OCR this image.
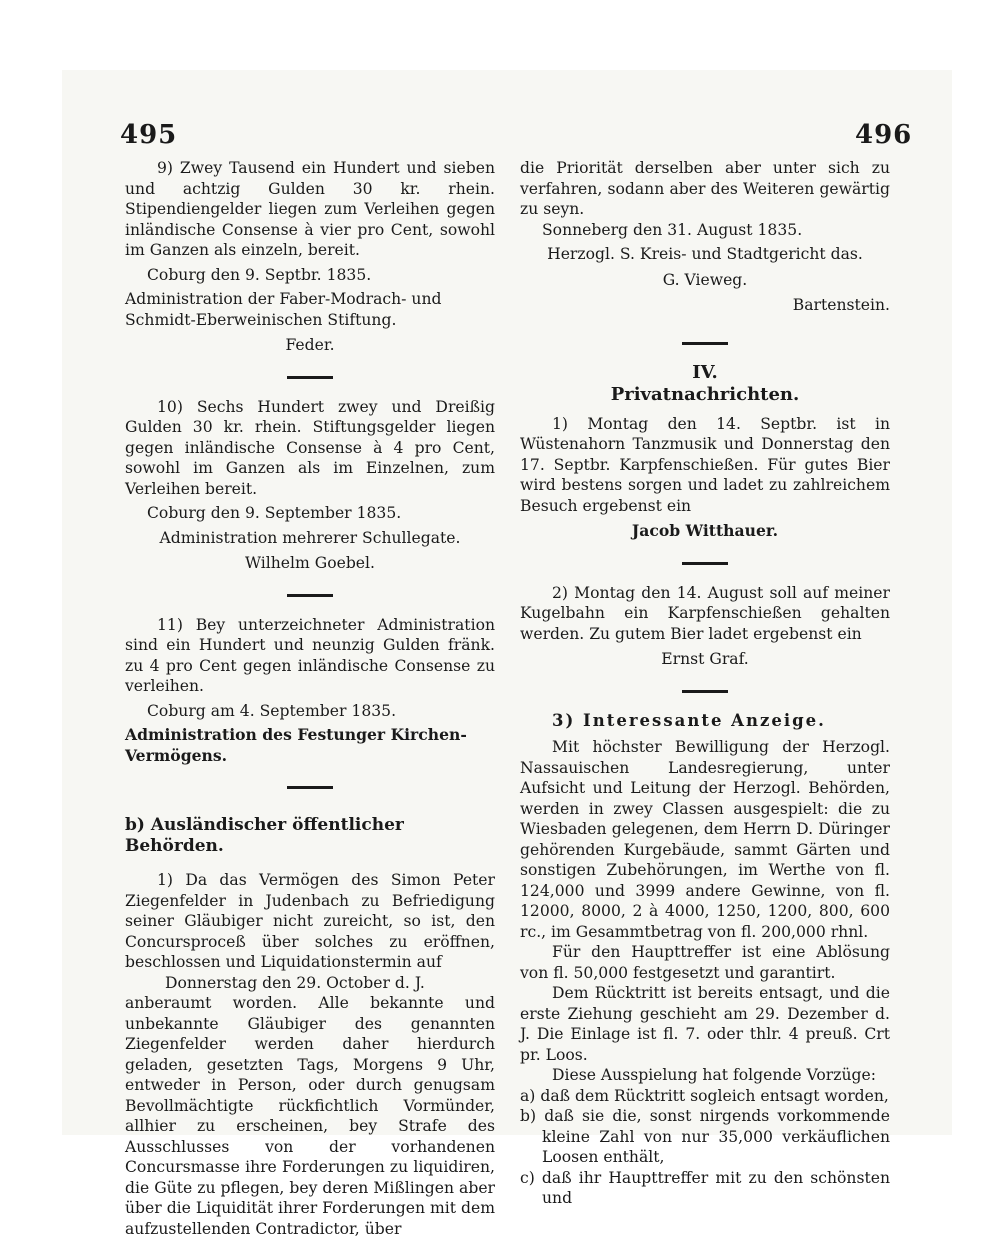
495	496

9) Zwey Tausend ein Hundert und sieben und achtzig Gulden 30 kr. rhein. Stipendiengelder liegen zum Verleihen gegen inländische Consense à vier pro Cent, sowohl im Ganzen als einzeln, bereit.

Coburg den 9. Septbr. 1835.

Administration der Faber-Modrach- und Schmidt-Eberweinischen Stiftung.

Feder.

10) Sechs Hundert zwey und Dreißig Gulden 30 kr. rhein. Stiftungsgelder liegen gegen inländische Consense à 4 pro Cent, sowohl im Ganzen als im Einzelnen, zum Verleihen bereit.

Coburg den 9. September 1835.

Administration mehrerer Schullegate.

Wilhelm Goebel.

11) Bey unterzeichneter Administration sind ein Hundert und neunzig Gulden fränk. zu 4 pro Cent gegen inländische Consense zu verleihen.

Coburg am 4. September 1835.

Administration des Festunger Kirchen-Vermögens.

b) Ausländischer öffentlicher Behörden.

1) Da das Vermögen des Simon Peter Ziegenfelder in Judenbach zu Befriedigung seiner Gläubiger nicht zureicht, so ist, den Concursproceß über solches zu eröffnen, beschlossen und Liquidationstermin auf

Donnerstag den 29. October d. J.

anberaumt worden. Alle bekannte und unbekannte Gläubiger des genannten Ziegenfelder werden daher hierdurch geladen, gesetzten Tags, Morgens 9 Uhr, entweder in Person, oder durch genugsam Bevollmächtigte rückfichtlich Vormünder, allhier zu erscheinen, bey Strafe des Ausschlusses von der vorhandenen Concursmasse ihre Forderungen zu liquidiren, die Güte zu pflegen, bey deren Mißlingen aber über die Liquidität ihrer Forderungen mit dem aufzustellenden Contradictor, über

die Priorität derselben aber unter sich zu verfahren, sodann aber des Weiteren gewärtig zu seyn.

Sonneberg den 31. August 1835.

Herzogl. S. Kreis- und Stadtgericht das.

G. Vieweg.

Bartenstein.

IV.
Privatnachrichten.

1) Montag den 14. Septbr. ist in Wüstenahorn Tanzmusik und Donnerstag den 17. Septbr. Karpfenschießen. Für gutes Bier wird bestens sorgen und ladet zu zahlreichem Besuch ergebenst ein

Jacob Witthauer.

2) Montag den 14. August soll auf meiner Kugelbahn ein Karpfenschießen gehalten werden. Zu gutem Bier ladet ergebenst ein

Ernst Graf.

3) Interessante Anzeige.

Mit höchster Bewilligung der Herzogl. Nassauischen Landesregierung, unter Aufsicht und Leitung der Herzogl. Behörden, werden in zwey Classen ausgespielt: die zu Wiesbaden gelegenen, dem Herrn D. Düringer gehörenden Kurgebäude, sammt Gärten und sonstigen Zubehörungen, im Werthe von fl. 124,000 und 3999 andere Gewinne, von fl. 12000, 8000, 2 à 4000, 1250, 1200, 800, 600 rc., im Gesammtbetrag von fl. 200,000 rhnl.

Für den Haupttreffer ist eine Ablösung von fl. 50,000 festgesetzt und garantirt.

Dem Rücktritt ist bereits entsagt, und die erste Ziehung geschieht am 29. Dezember d. J. Die Einlage ist fl. 7. oder thlr. 4 preuß. Crt pr. Loos.

Diese Ausspielung hat folgende Vorzüge:

a) daß dem Rücktritt sogleich entsagt worden,

b) daß sie die, sonst nirgends vorkommende kleine Zahl von nur 35,000 verkäuflichen Loosen enthält,

c) daß ihr Haupttreffer mit zu den schönsten und
